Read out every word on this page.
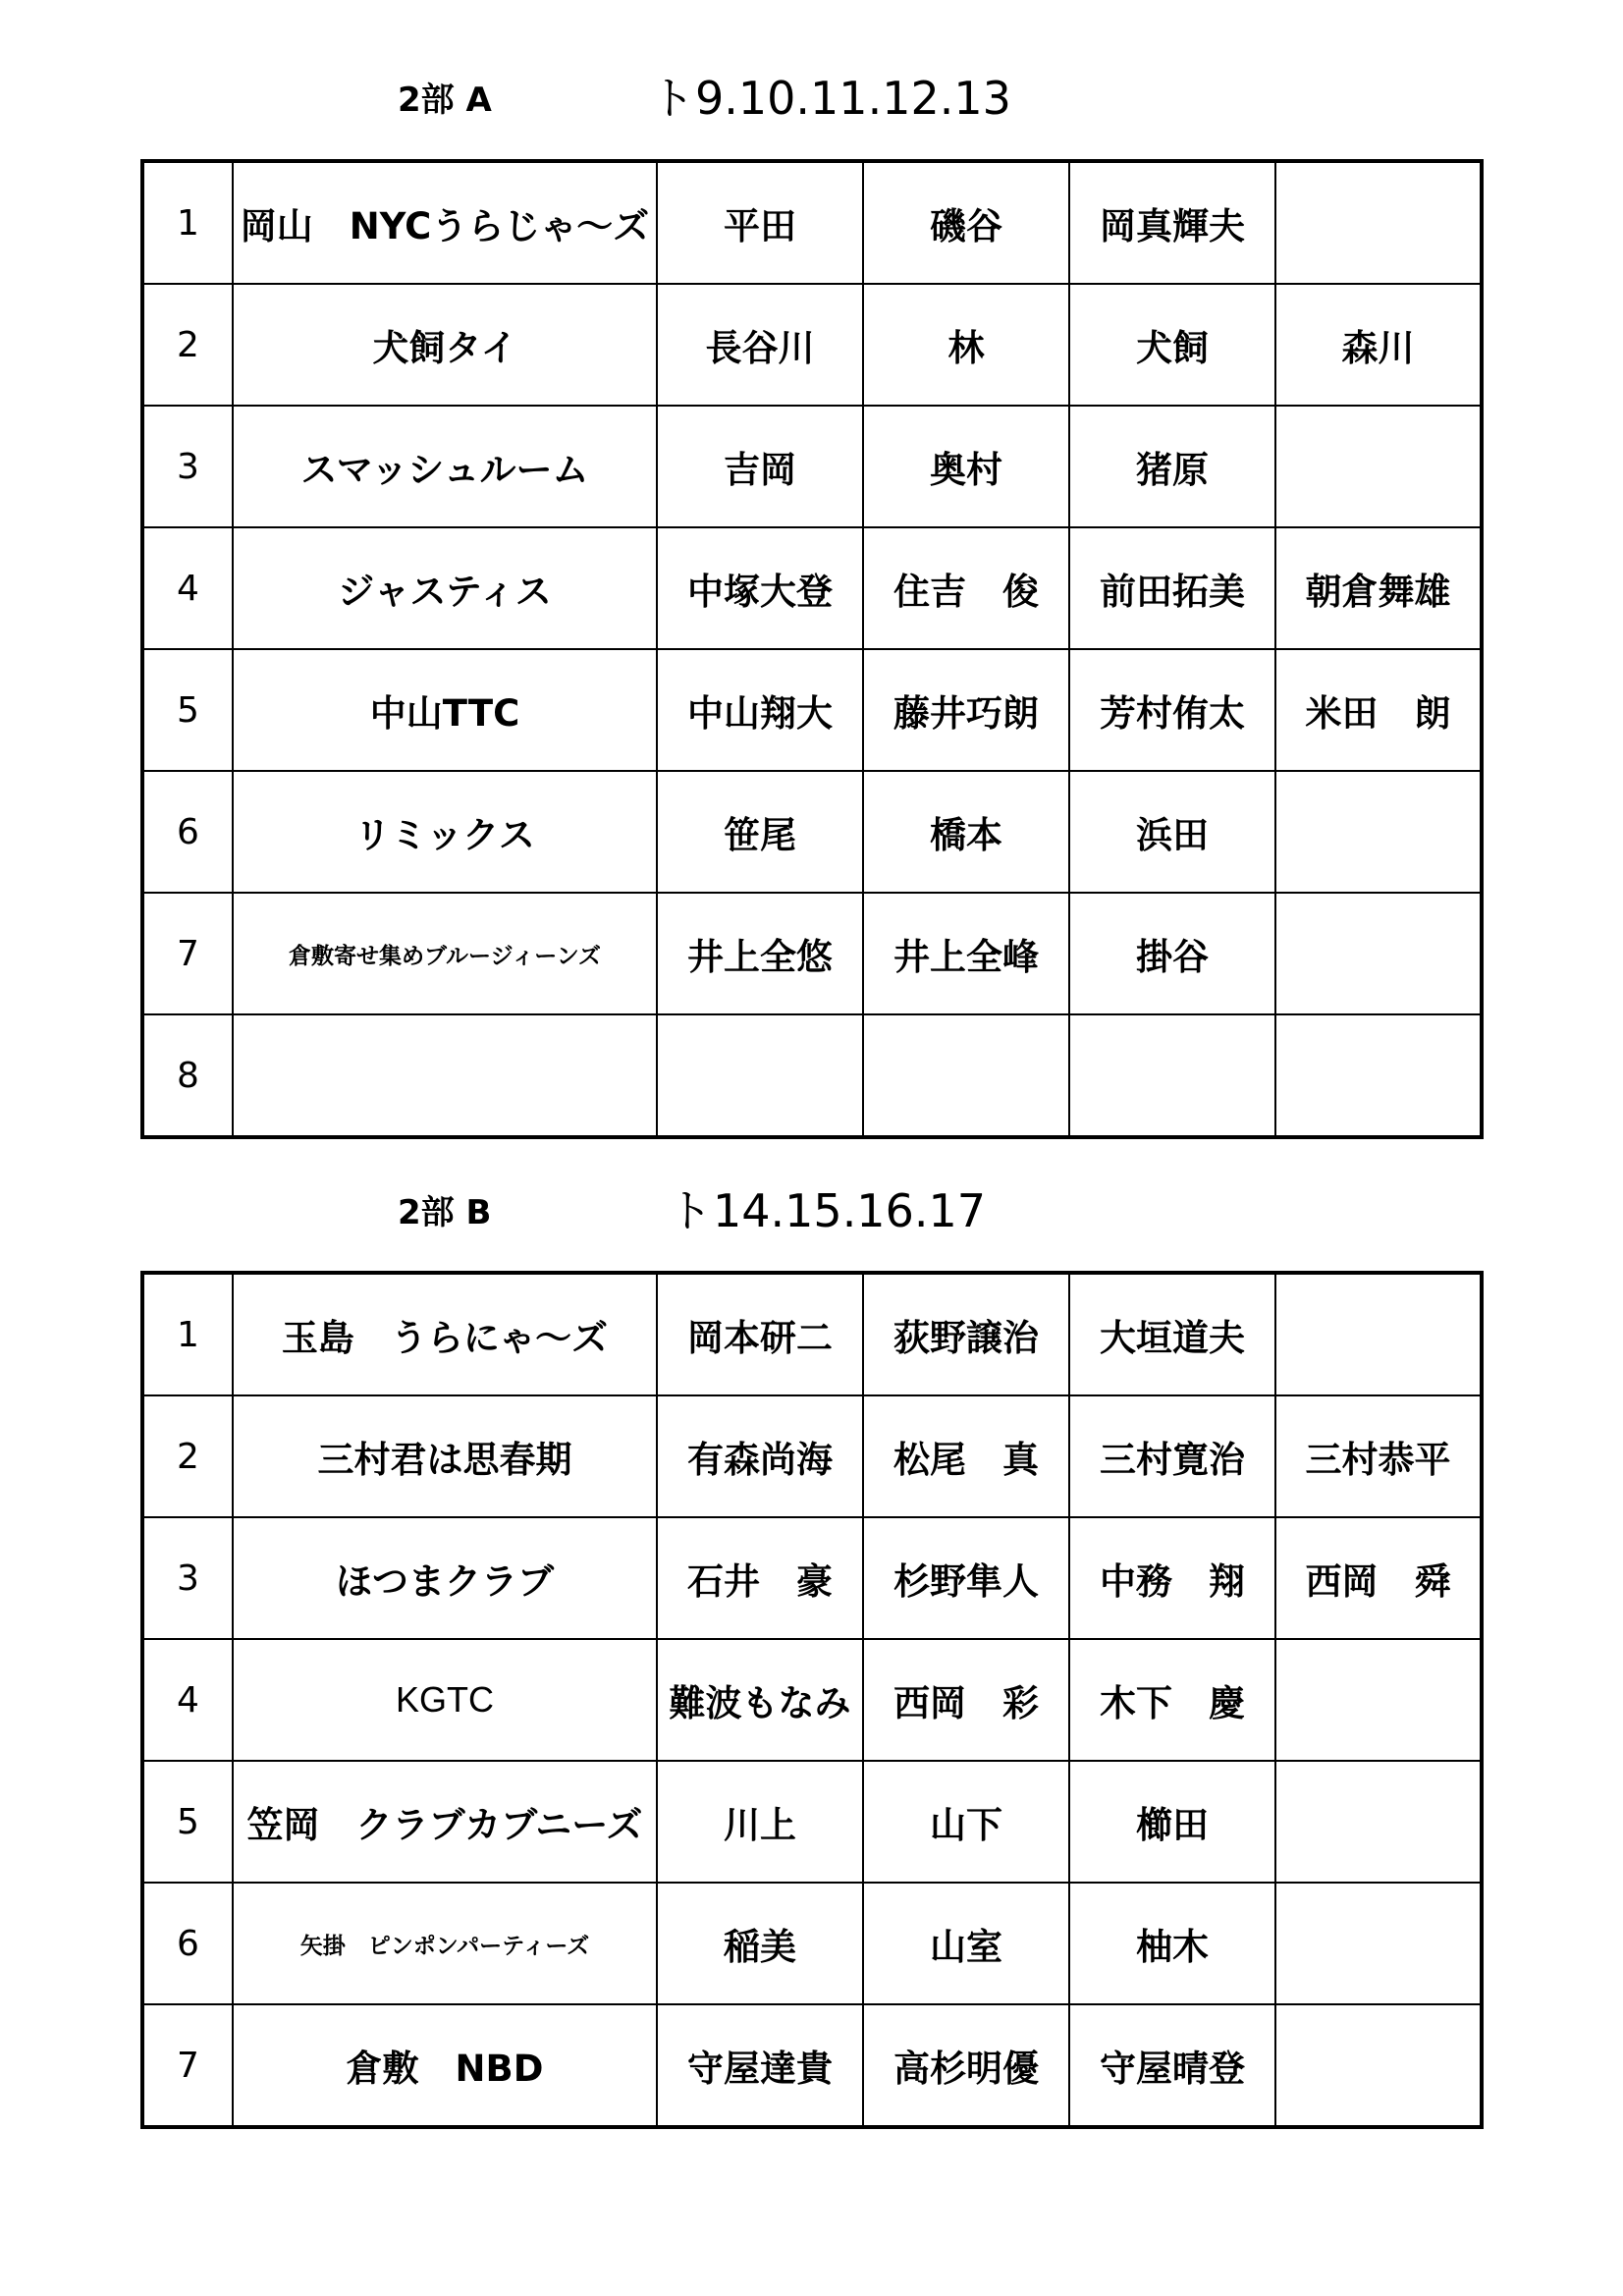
2部 A	ト9.10.11.12.13
1	岡山　NYCうらじゃ～ズ	平田	磯谷	岡真輝夫	
2	犬飼タイ	長谷川	林	犬飼	森川
3	スマッシュルーム	吉岡	奥村	猪原	
4	ジャスティス	中塚大登	住吉　俊	前田拓美	朝倉舞雄
5	中山TTC	中山翔大	藤井巧朗	芳村侑太	米田　朗
6	リミックス	笹尾	橋本	浜田	
7	倉敷寄せ集めブルージィーンズ	井上全悠	井上全峰	掛谷	
8					
2部 B	ト14.15.16.17
1	玉島　うらにゃ～ズ	岡本研二	荻野譲治	大垣道夫	
2	三村君は思春期	有森尚海	松尾　真	三村寛治	三村恭平
3	ほつまクラブ	石井　豪	杉野隼人	中務　翔	西岡　舜
4	KGTC	難波もなみ	西岡　彩	木下　慶	
5	笠岡　クラブカブニーズ	川上	山下	櫛田	
6	矢掛　ピンポンパーティーズ	稲美	山室	柚木	
7	倉敷　NBD	守屋達貴	高杉明優	守屋晴登	
